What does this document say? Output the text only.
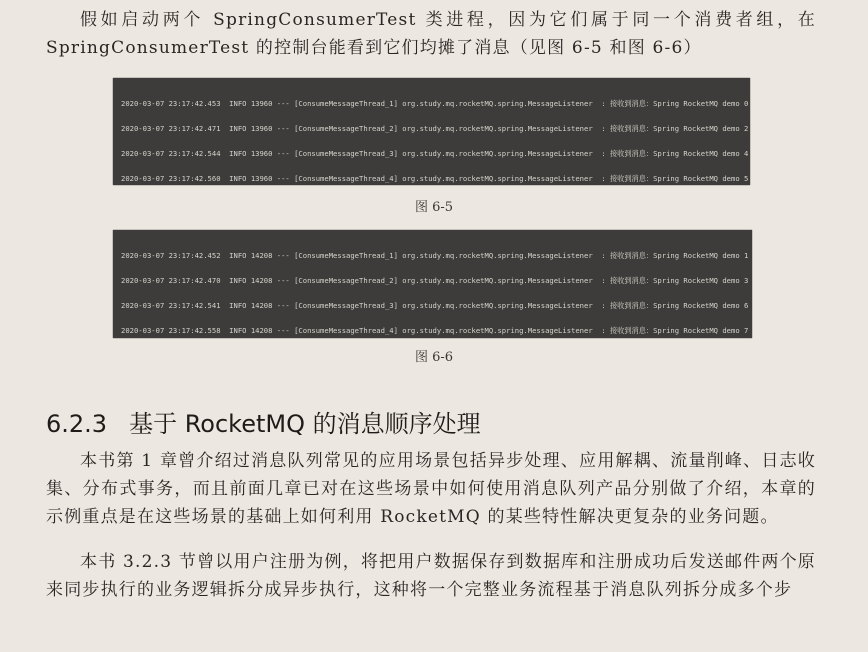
假如启动两个 SpringConsumerTest 类进程，因为它们属于同一个消费者组，在 SpringConsumerTest 的控制台能看到它们均摊了消息（见图 6-5 和图 6-6）

2020-03-07 23:17:42.453  INFO 13960 --- [ConsumeMessageThread_1] org.study.mq.rocketMQ.spring.MessageListener  : 接收到消息：Spring RocketMQ demo 0

2020-03-07 23:17:42.471  INFO 13960 --- [ConsumeMessageThread_2] org.study.mq.rocketMQ.spring.MessageListener  : 接收到消息：Spring RocketMQ demo 2

2020-03-07 23:17:42.544  INFO 13960 --- [ConsumeMessageThread_3] org.study.mq.rocketMQ.spring.MessageListener  : 接收到消息：Spring RocketMQ demo 4

2020-03-07 23:17:42.560  INFO 13960 --- [ConsumeMessageThread_4] org.study.mq.rocketMQ.spring.MessageListener  : 接收到消息：Spring RocketMQ demo 5

图 6-5

2020-03-07 23:17:42.452  INFO 14208 --- [ConsumeMessageThread_1] org.study.mq.rocketMQ.spring.MessageListener  : 接收到消息：Spring RocketMQ demo 1

2020-03-07 23:17:42.470  INFO 14208 --- [ConsumeMessageThread_2] org.study.mq.rocketMQ.spring.MessageListener  : 接收到消息：Spring RocketMQ demo 3

2020-03-07 23:17:42.541  INFO 14208 --- [ConsumeMessageThread_3] org.study.mq.rocketMQ.spring.MessageListener  : 接收到消息：Spring RocketMQ demo 6

2020-03-07 23:17:42.558  INFO 14208 --- [ConsumeMessageThread_4] org.study.mq.rocketMQ.spring.MessageListener  : 接收到消息：Spring RocketMQ demo 7

图 6-6
6.2.3 基于 RocketMQ 的消息顺序处理

本书第 1 章曾介绍过消息队列常见的应用场景包括异步处理、应用解耦、流量削峰、日志收集、分布式事务，而且前面几章已对在这些场景中如何使用消息队列产品分别做了介绍，本章的示例重点是在这些场景的基础上如何利用 RocketMQ 的某些特性解决更复杂的业务问题。

本书 3.2.3 节曾以用户注册为例，将把用户数据保存到数据库和注册成功后发送邮件两个原来同步执行的业务逻辑拆分成异步执行，这种将一个完整业务流程基于消息队列拆分成多个步
